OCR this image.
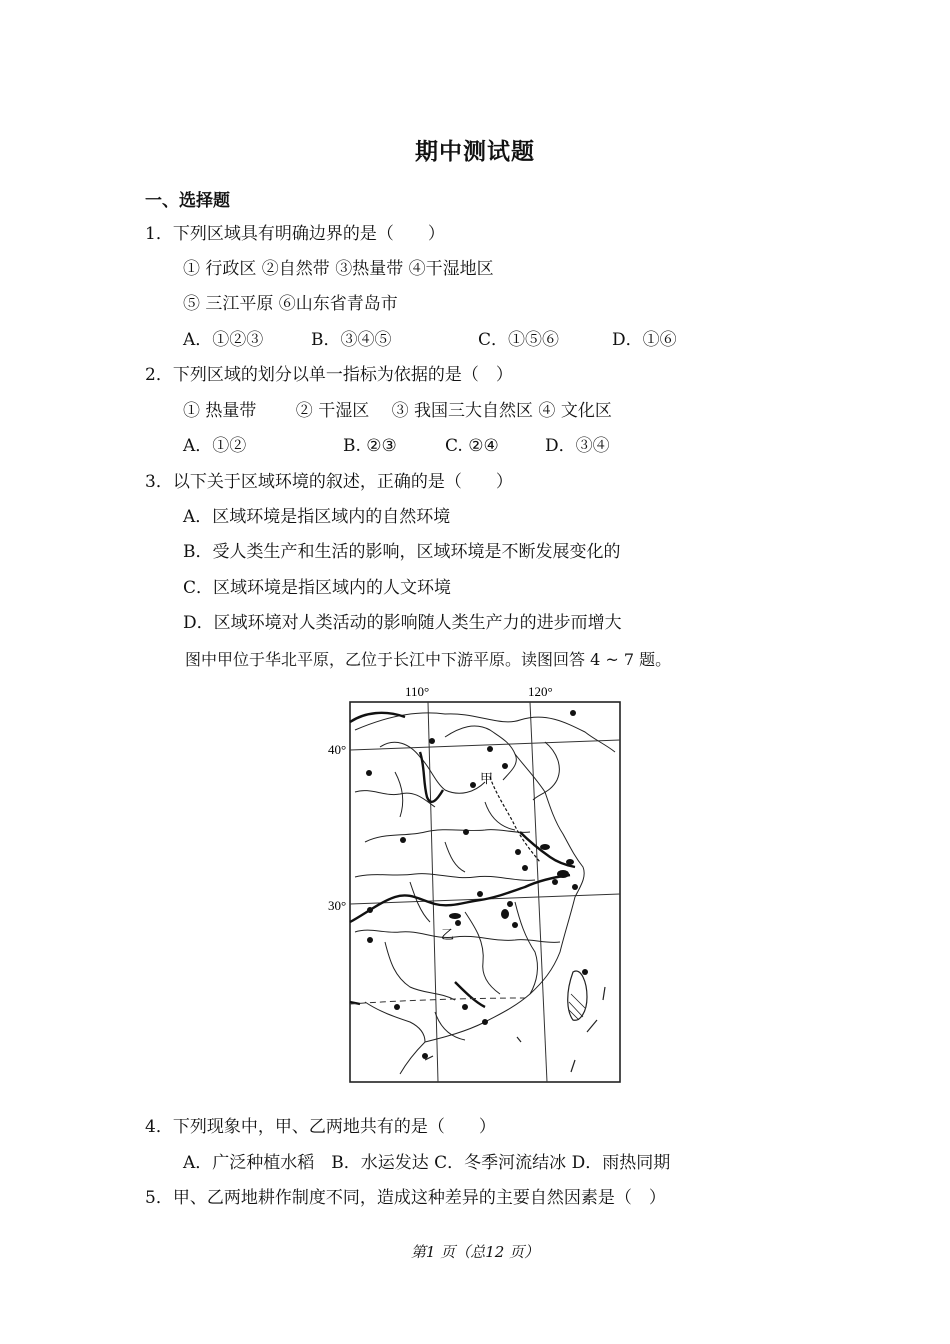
期中测试题
一、选择题
1．下列区域具有明确边界的是（　　）
① 行政区 ②自然带 ③热量带 ④干湿地区
⑤ 三江平原 ⑥山东省青岛市
A．①②③	B．③④⑤	C．①⑤⑥	D．①⑥
2．下列区域的划分以单一指标为依据的是（　）
① 热量带　　 ② 干湿区　 ③ 我国三大自然区 ④ 文化区
A．①②	B. ②③	C. ②④	D．③④
3．以下关于区域环境的叙述，正确的是（　　）
A．区域环境是指区域内的自然环境
B．受人类生产和生活的影响，区域环境是不断发展变化的
C．区域环境是指区域内的人文环境
D．区域环境对人类活动的影响随人类生产力的进步而增大
图中甲位于华北平原，乙位于长江中下游平原。读图回答 4 ~ 7 题。
110°	120°
40°
30°
甲
乙
4．下列现象中，甲、乙两地共有的是（　　）
A．广泛种植水稻　B．水运发达 C．冬季河流结冰 D．雨热同期
5．甲、乙两地耕作制度不同，造成这种差异的主要自然因素是（　）
第1 页（总12 页）
